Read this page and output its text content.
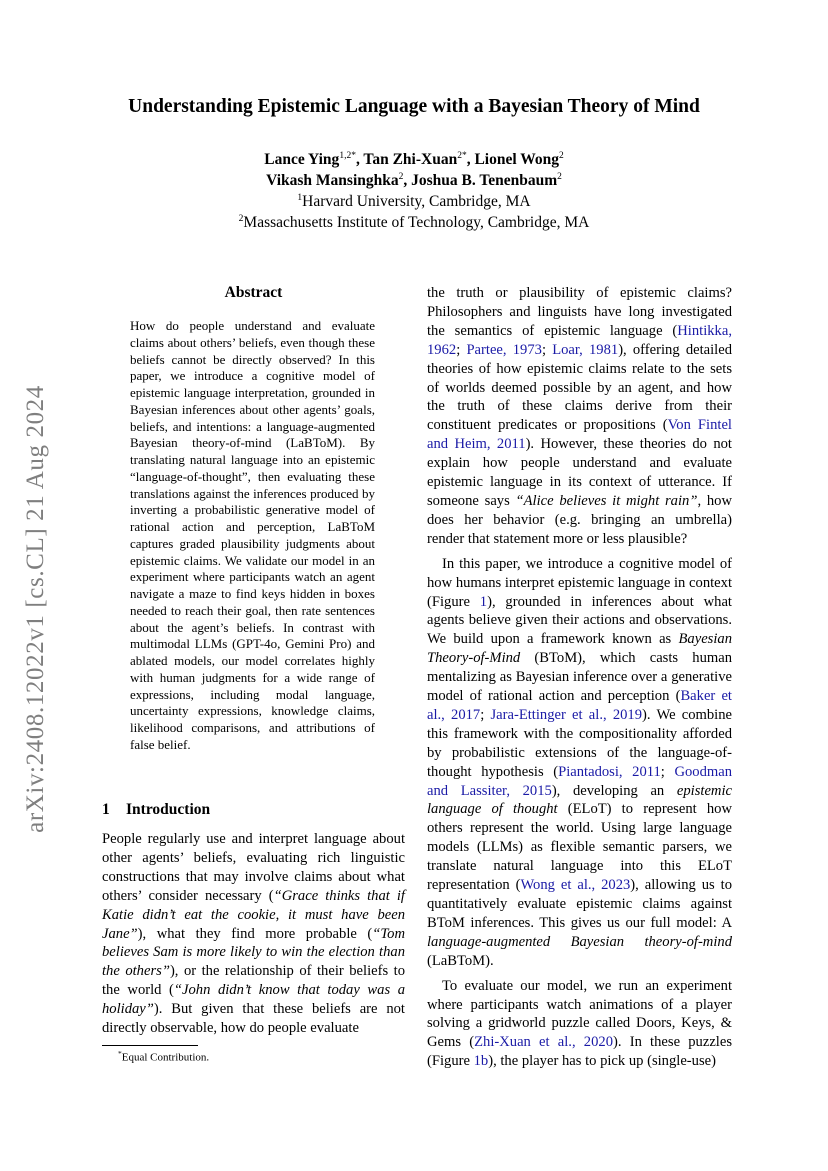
arXiv:2408.12022v1 [cs.CL] 21 Aug 2024
Understanding Epistemic Language with a Bayesian Theory of Mind
Lance Ying$^{1,2*}$, Tan Zhi-Xuan$^{2*}$, Lionel Wong$^2$
Vikash Mansinghka$^2$, Joshua B. Tenenbaum$^2$
$^1$Harvard University, Cambridge, MA
$^2$Massachusetts Institute of Technology, Cambridge, MA
Abstract
How do people understand and evaluate claims about others’ beliefs, even though these beliefs cannot be directly observed? In this paper, we introduce a cognitive model of epistemic language interpretation, grounded in Bayesian inferences about other agents’ goals, beliefs, and intentions: a language-augmented Bayesian theory-of-mind (LaBToM). By translating natural language into an epistemic “language-of-thought”, then evaluating these translations against the inferences produced by inverting a probabilistic generative model of rational action and perception, LaBToM captures graded plausibility judgments about epistemic claims. We validate our model in an experiment where participants watch an agent navigate a maze to find keys hidden in boxes needed to reach their goal, then rate sentences about the agent’s beliefs. In contrast with multimodal LLMs (GPT-4o, Gemini Pro) and ablated models, our model correlates highly with human judgments for a wide range of expressions, including modal language, uncertainty expressions, knowledge claims, likelihood comparisons, and attributions of false belief.
1 Introduction
People regularly use and interpret language about other agents’ beliefs, evaluating rich linguistic constructions that may involve claims about what others’ consider necessary (“Grace thinks that if Katie didn’t eat the cookie, it must have been Jane”), what they find more probable (“Tom believes Sam is more likely to win the election than the others”), or the relationship of their beliefs to the world (“John didn’t know that today was a holiday”). But given that these beliefs are not directly observable, how do people evaluate
*Equal Contribution.

the truth or plausibility of epistemic claims? Philosophers and linguists have long investigated the semantics of epistemic language (Hintikka, 1962; Partee, 1973; Loar, 1981), offering detailed theories of how epistemic claims relate to the sets of worlds deemed possible by an agent, and how the truth of these claims derive from their constituent predicates or propositions (Von Fintel and Heim, 2011). However, these theories do not explain how people understand and evaluate epistemic language in its context of utterance. If someone says “Alice believes it might rain”, how does her behavior (e.g. bringing an umbrella) render that statement more or less plausible?

In this paper, we introduce a cognitive model of how humans interpret epistemic language in context (Figure 1), grounded in inferences about what agents believe given their actions and observations. We build upon a framework known as Bayesian Theory-of-Mind (BToM), which casts human mentalizing as Bayesian inference over a generative model of rational action and perception (Baker et al., 2017; Jara-Ettinger et al., 2019). We combine this framework with the compositionality afforded by probabilistic extensions of the language-of-thought hypothesis (Piantadosi, 2011; Goodman and Lassiter, 2015), developing an epistemic language of thought (ELoT) to represent how others represent the world. Using large language models (LLMs) as flexible semantic parsers, we translate natural language into this ELoT representation (Wong et al., 2023), allowing us to quantitatively evaluate epistemic claims against BToM inferences. This gives us our full model: A language-augmented Bayesian theory-of-mind (LaBToM).

To evaluate our model, we run an experiment where participants watch animations of a player solving a gridworld puzzle called Doors, Keys, & Gems (Zhi-Xuan et al., 2020). In these puzzles (Figure 1b), the player has to pick up (single-use)
